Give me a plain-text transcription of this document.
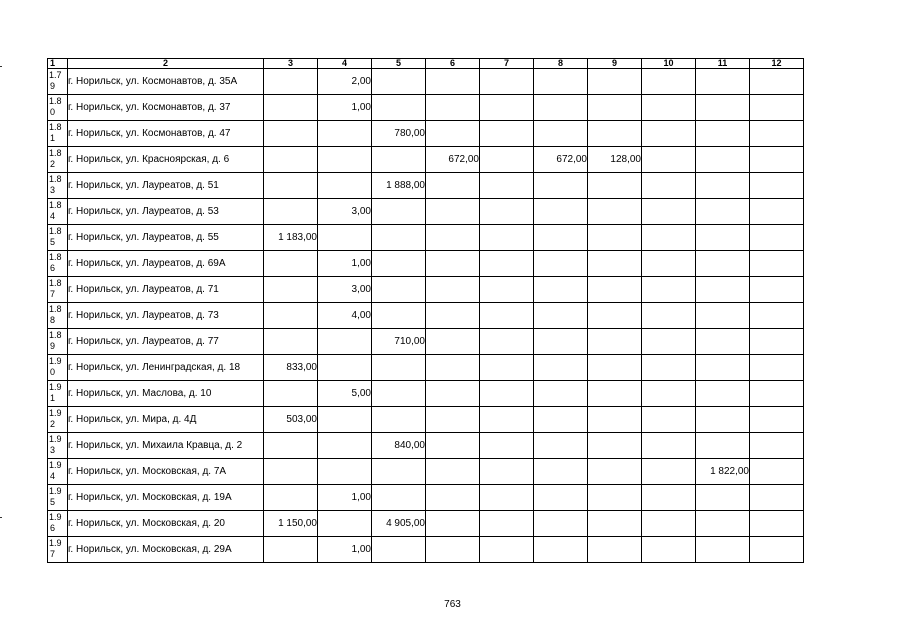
1	2	3	4	5	6	7	8	9	10	11	12

1.7
9	г. Норильск, ул. Космонавтов, д. 35А		2,00								

1.8
0	г. Норильск, ул. Космонавтов, д. 37		1,00								

1.8
1	г. Норильск, ул. Космонавтов, д. 47			780,00							

1.8
2	г. Норильск, ул. Красноярская, д. 6				672,00		672,00	128,00			

1.8
3	г. Норильск, ул. Лауреатов, д. 51			1 888,00							

1.8
4	г. Норильск, ул. Лауреатов, д. 53		3,00								

1.8
5	г. Норильск, ул. Лауреатов, д. 55	1 183,00									

1.8
6	г. Норильск, ул. Лауреатов, д. 69А		1,00								

1.8
7	г. Норильск, ул. Лауреатов, д. 71		3,00								

1.8
8	г. Норильск, ул. Лауреатов, д. 73		4,00								

1.8
9	г. Норильск, ул. Лауреатов, д. 77			710,00							

1.9
0	г. Норильск, ул. Ленинградская, д. 18	833,00									

1.9
1	г. Норильск, ул. Маслова, д. 10		5,00								

1.9
2	г. Норильск, ул. Мира, д. 4Д	503,00									

1.9
3	г. Норильск, ул. Михаила Кравца, д. 2			840,00							

1.9
4	г. Норильск, ул. Московская, д. 7А									1 822,00	

1.9
5	г. Норильск, ул. Московская, д. 19А		1,00								

1.9
6	г. Норильск, ул. Московская, д. 20	1 150,00		4 905,00							

1.9
7	г. Норильск, ул. Московская, д. 29А		1,00								
763
